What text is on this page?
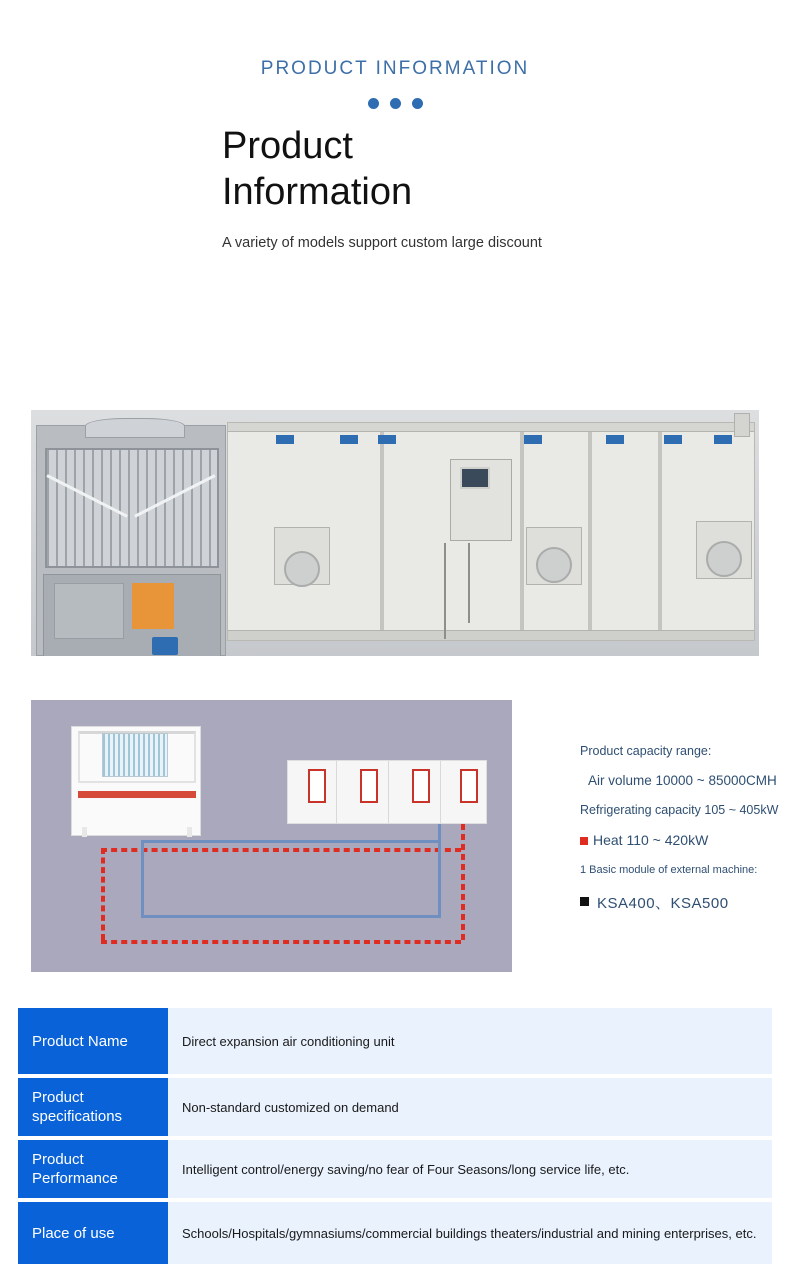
PRODUCT INFORMATION
Product Information
A variety of models support custom large discount
Product capacity range:
Air volume 10000 ~ 85000CMH
Refrigerating capacity 105 ~ 405kW
Heat 110 ~ 420kW
1 Basic module of external machine:
KSA400、KSA500
Product Name	Direct expansion air conditioning unit
Product specifications	Non-standard customized on demand
Product Performance	Intelligent control/energy saving/no fear of Four Seasons/long service life, etc.
Place of use	Schools/Hospitals/gymnasiums/commercial buildings theaters/industrial and mining enterprises, etc.
